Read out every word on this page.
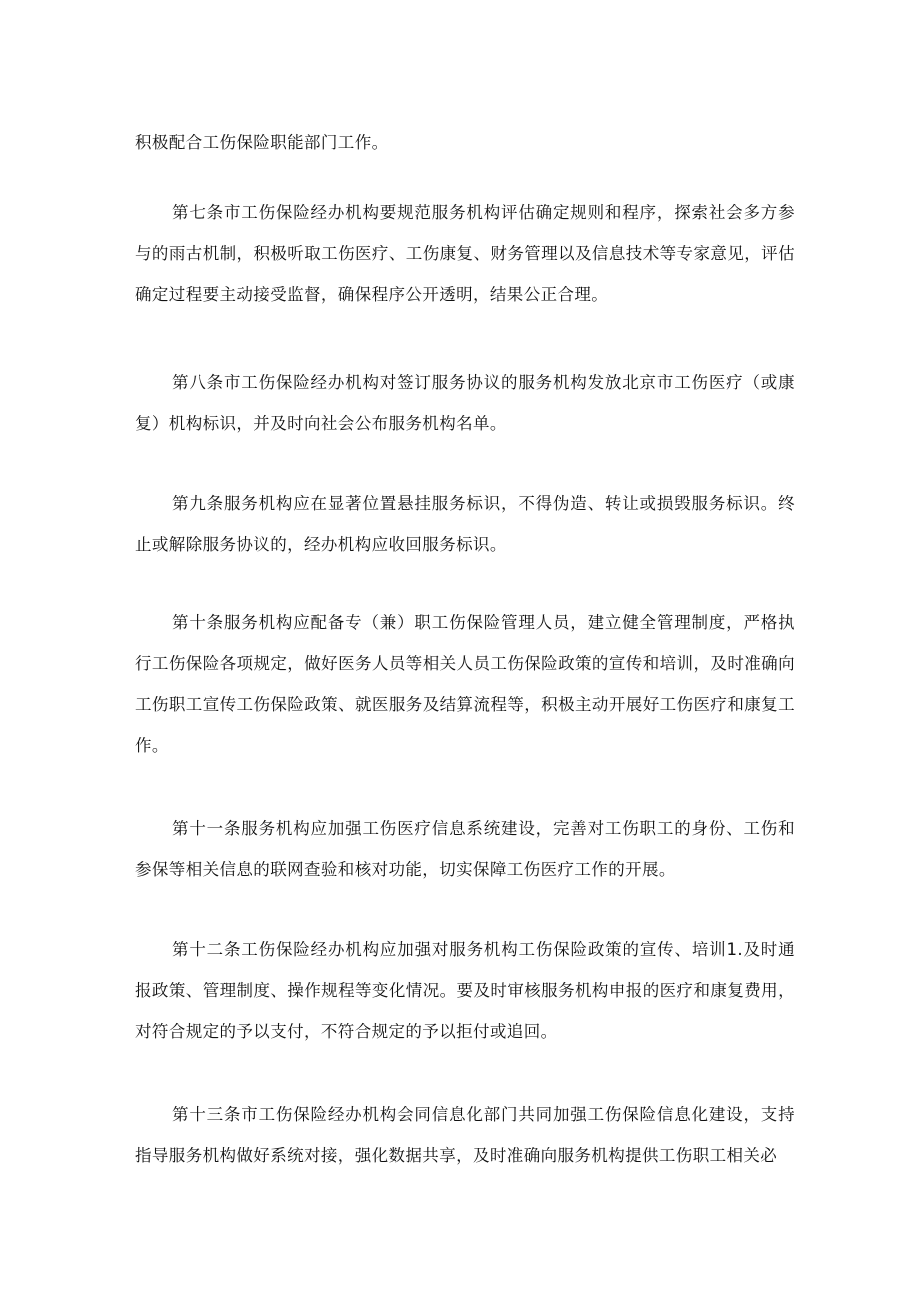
积极配合工伤保险职能部门工作。

第七条市工伤保险经办机构要规范服务机构评估确定规则和程序，探索社会多方参与的雨古机制，积极听取工伤医疗、工伤康复、财务管理以及信息技术等专家意见，评估确定过程要主动接受监督，确保程序公开透明，结果公正合理。

第八条市工伤保险经办机构对签订服务协议的服务机构发放北京市工伤医疗（或康复）机构标识，并及时向社会公布服务机构名单。

第九条服务机构应在显著位置悬挂服务标识，不得伪造、转让或损毁服务标识。终止或解除服务协议的，经办机构应收回服务标识。

第十条服务机构应配备专（兼）职工伤保险管理人员，建立健全管理制度，严格执行工伤保险各项规定，做好医务人员等相关人员工伤保险政策的宣传和培训，及时准确向工伤职工宣传工伤保险政策、就医服务及结算流程等，积极主动开展好工伤医疗和康复工作。

第十一条服务机构应加强工伤医疗信息系统建设，完善对工伤职工的身份、工伤和参保等相关信息的联网查验和核对功能，切实保障工伤医疗工作的开展。

第十二条工伤保险经办机构应加强对服务机构工伤保险政策的宣传、培训1.及时通报政策、管理制度、操作规程等变化情况。要及时审核服务机构申报的医疗和康复费用，对符合规定的予以支付，不符合规定的予以拒付或追回。

第十三条市工伤保险经办机构会同信息化部门共同加强工伤保险信息化建设，支持指导服务机构做好系统对接，强化数据共享，及时准确向服务机构提供工伤职工相关必
